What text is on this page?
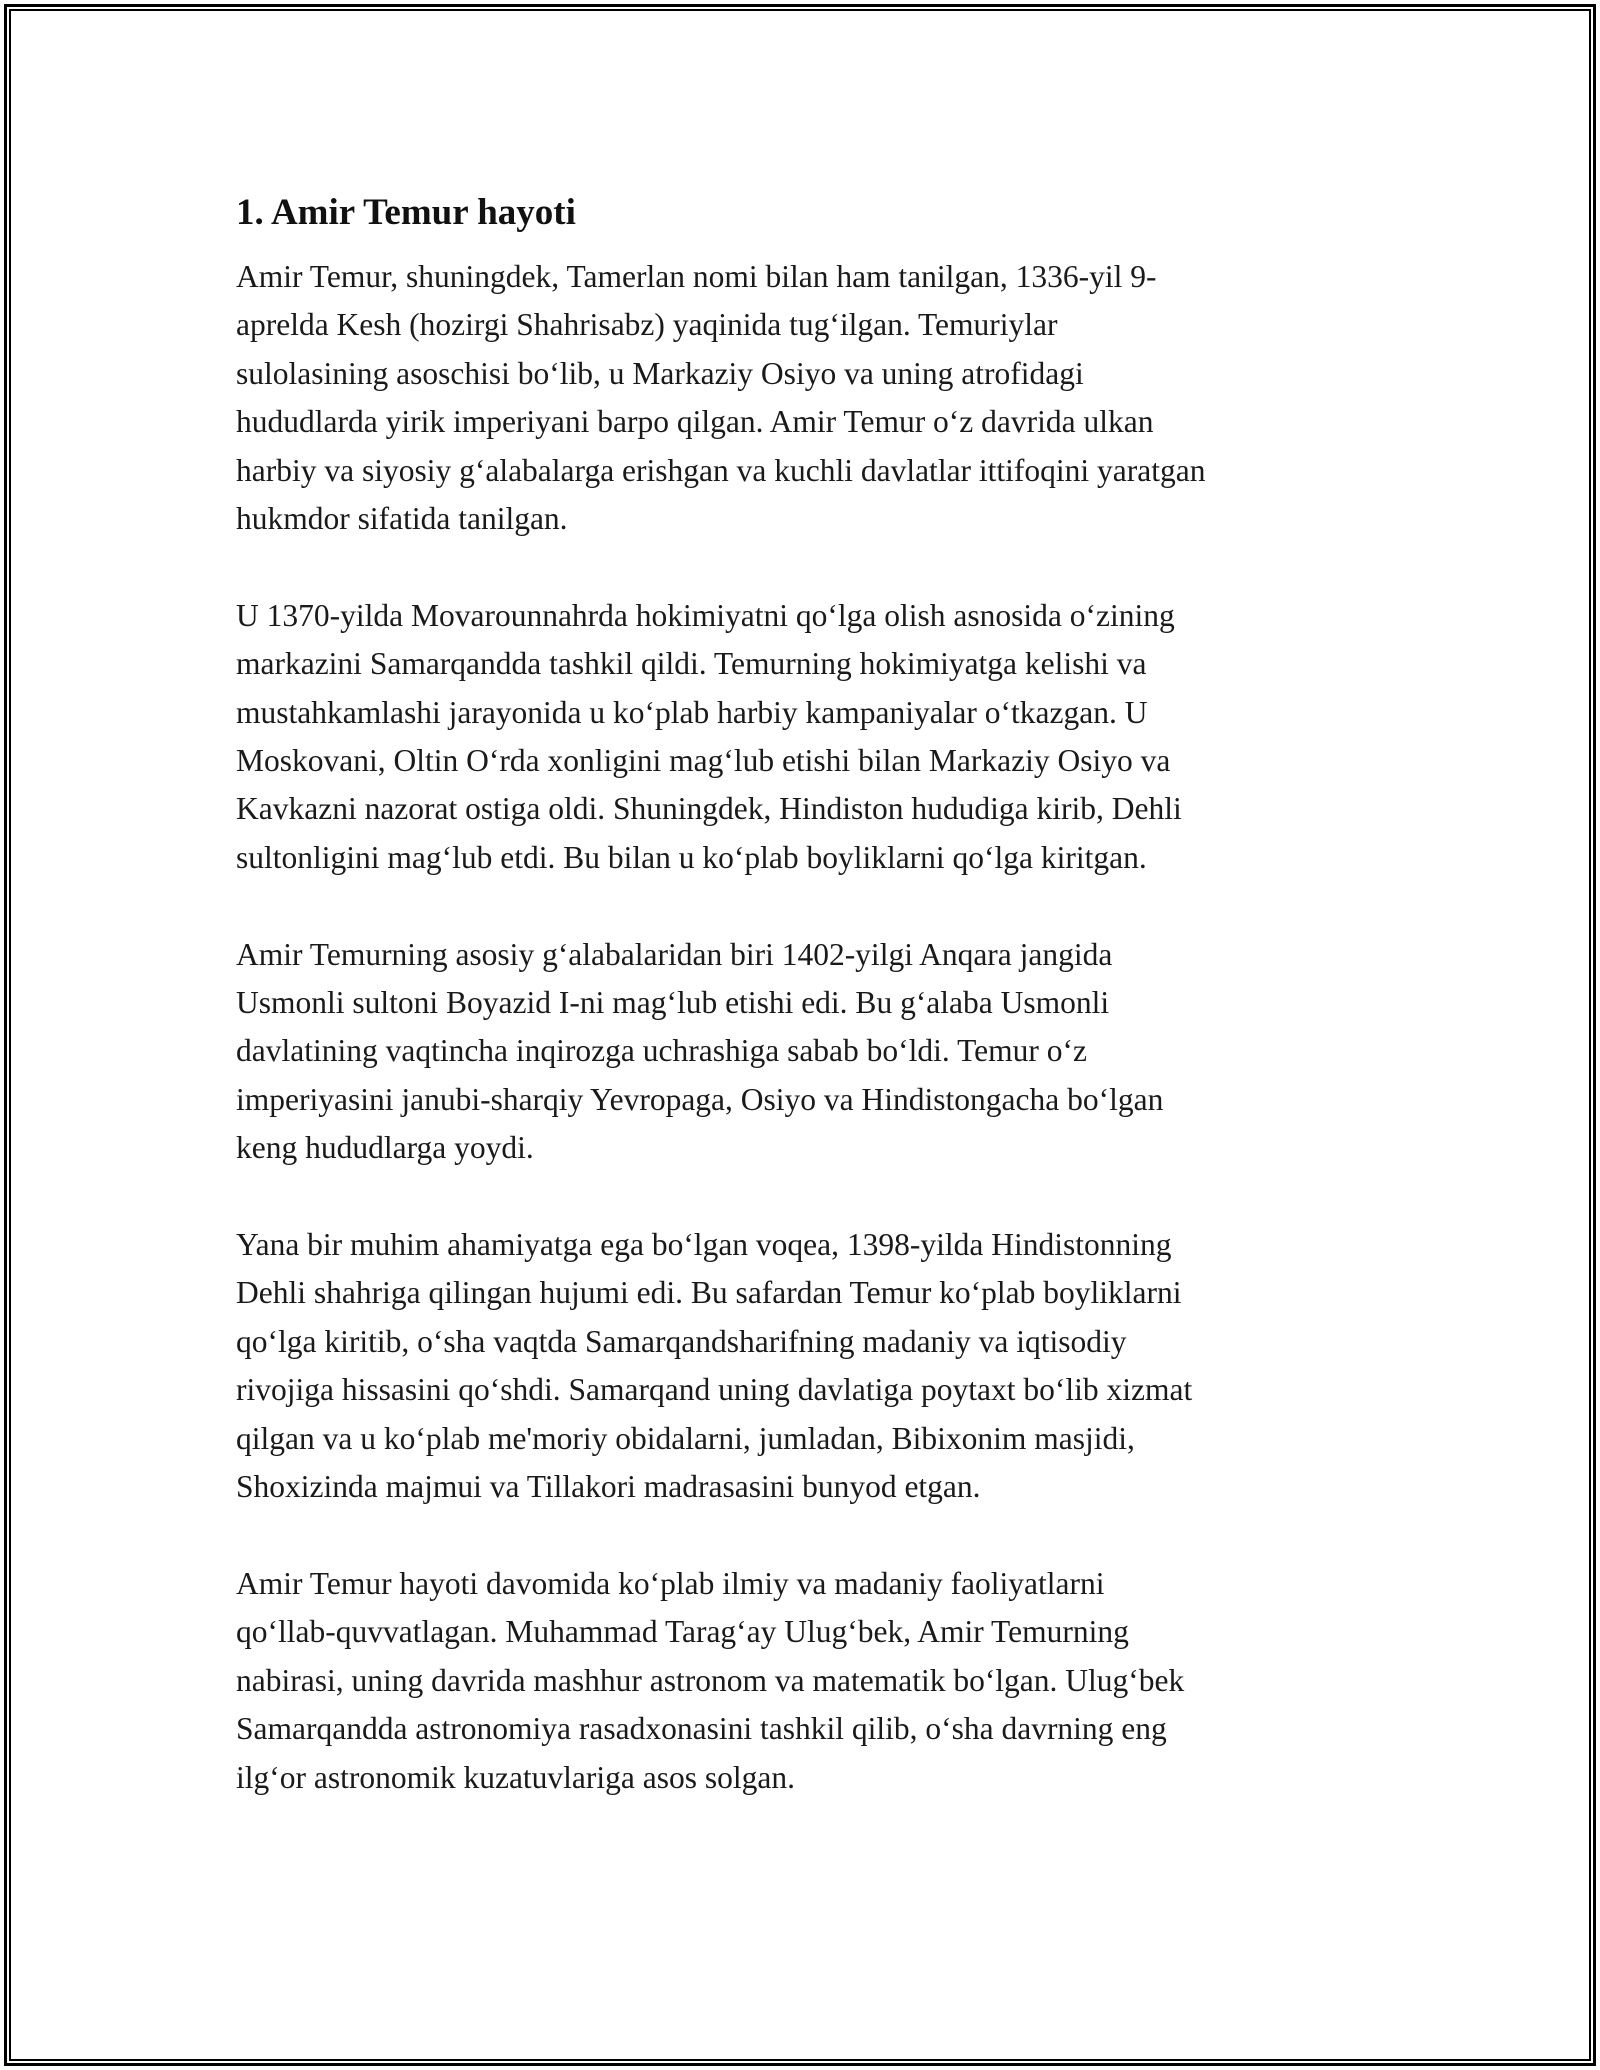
1. Amir Temur hayoti

Amir Temur, shuningdek, Tamerlan nomi bilan ham tanilgan, 1336-yil 9-
aprelda Kesh (hozirgi Shahrisabz) yaqinida tug‘ilgan. Temuriylar
sulolasining asoschisi bo‘lib, u Markaziy Osiyo va uning atrofidagi
hududlarda yirik imperiyani barpo qilgan. Amir Temur o‘z davrida ulkan
harbiy va siyosiy g‘alabalarga erishgan va kuchli davlatlar ittifoqini yaratgan
hukmdor sifatida tanilgan.

U 1370-yilda Movarounnahrda hokimiyatni qo‘lga olish asnosida o‘zining
markazini Samarqandda tashkil qildi. Temurning hokimiyatga kelishi va
mustahkamlashi jarayonida u ko‘plab harbiy kampaniyalar o‘tkazgan. U
Moskovani, Oltin O‘rda xonligini mag‘lub etishi bilan Markaziy Osiyo va
Kavkazni nazorat ostiga oldi. Shuningdek, Hindiston hududiga kirib, Dehli
sultonligini mag‘lub etdi. Bu bilan u ko‘plab boyliklarni qo‘lga kiritgan.

Amir Temurning asosiy g‘alabalaridan biri 1402-yilgi Anqara jangida
Usmonli sultoni Boyazid I-ni mag‘lub etishi edi. Bu g‘alaba Usmonli
davlatining vaqtincha inqirozga uchrashiga sabab bo‘ldi. Temur o‘z
imperiyasini janubi-sharqiy Yevropaga, Osiyo va Hindistongacha bo‘lgan
keng hududlarga yoydi.

Yana bir muhim ahamiyatga ega bo‘lgan voqea, 1398-yilda Hindistonning
Dehli shahriga qilingan hujumi edi. Bu safardan Temur ko‘plab boyliklarni
qo‘lga kiritib, o‘sha vaqtda Samarqandsharifning madaniy va iqtisodiy
rivojiga hissasini qo‘shdi. Samarqand uning davlatiga poytaxt bo‘lib xizmat
qilgan va u ko‘plab me'moriy obidalarni, jumladan, Bibixonim masjidi,
Shoxizinda majmui va Tillakori madrasasini bunyod etgan.

Amir Temur hayoti davomida ko‘plab ilmiy va madaniy faoliyatlarni
qo‘llab-quvvatlagan. Muhammad Tarag‘ay Ulug‘bek, Amir Temurning
nabirasi, uning davrida mashhur astronom va matematik bo‘lgan. Ulug‘bek
Samarqandda astronomiya rasadxonasini tashkil qilib, o‘sha davrning eng
ilg‘or astronomik kuzatuvlariga asos solgan.
